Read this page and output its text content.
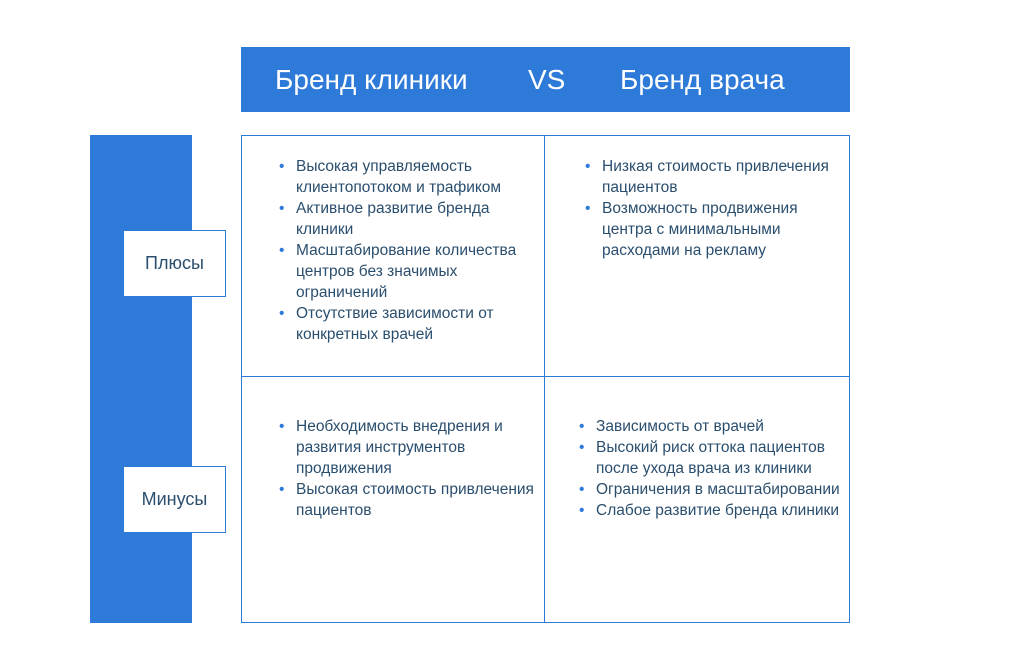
Бренд клиники VS Бренд врача
Плюсы
Минусы
• Высокая управляемость клиентопотоком и трафиком
• Активное развитие бренда клиники
• Масштабирование количества центров без значимых ограничений
• Отсутствие зависимости от конкретных врачей
• Низкая стоимость привлечения пациентов
• Возможность продвижения центра с минимальными расходами на рекламу
• Необходимость внедрения и развития инструментов продвижения
• Высокая стоимость привлечения пациентов
• Зависимость от врачей
• Высокий риск оттока пациентов после ухода врача из клиники
• Ограничения в масштабировании
• Слабое развитие бренда клиники
